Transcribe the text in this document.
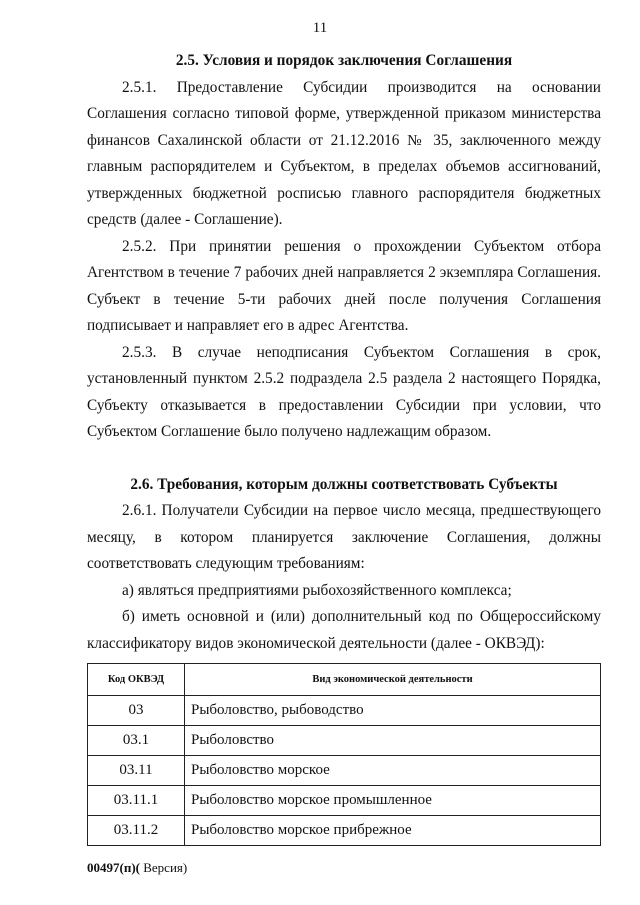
11
2.5. Условия и порядок заключения Соглашения

2.5.1. Предоставление Субсидии производится на основании Соглашения согласно типовой форме, утвержденной приказом министерства финансов Сахалинской области от 21.12.2016 № 35, заключенного между главным распорядителем и Субъектом, в пределах объемов ассигнований, утвержденных бюджетной росписью главного распорядителя бюджетных средств (далее - Соглашение).

2.5.2. При принятии решения о прохождении Субъектом отбора Агентством в течение 7 рабочих дней направляется 2 экземпляра Соглашения. Субъект в течение 5-ти рабочих дней после получения Соглашения подписывает и направляет его в адрес Агентства.

2.5.3. В случае неподписания Субъектом Соглашения в срок, установленный пунктом 2.5.2 подраздела 2.5 раздела 2 настоящего Порядка, Субъекту отказывается в предоставлении Субсидии при условии, что Субъектом Соглашение было получено надлежащим образом.

2.6. Требования, которым должны соответствовать Субъекты

2.6.1. Получатели Субсидии на первое число месяца, предшествующего месяцу, в котором планируется заключение Соглашения, должны соответствовать следующим требованиям:

а) являться предприятиями рыбохозяйственного комплекса;

б) иметь основной и (или) дополнительный код по Общероссийскому классификатору видов экономической деятельности (далее - ОКВЭД):

Код ОКВЭД	Вид экономической деятельности
03	Рыболовство, рыбоводство
03.1	Рыболовство
03.11	Рыболовство морское
03.11.1	Рыболовство морское промышленное
03.11.2	Рыболовство морское прибрежное
00497(п)( Версия)
